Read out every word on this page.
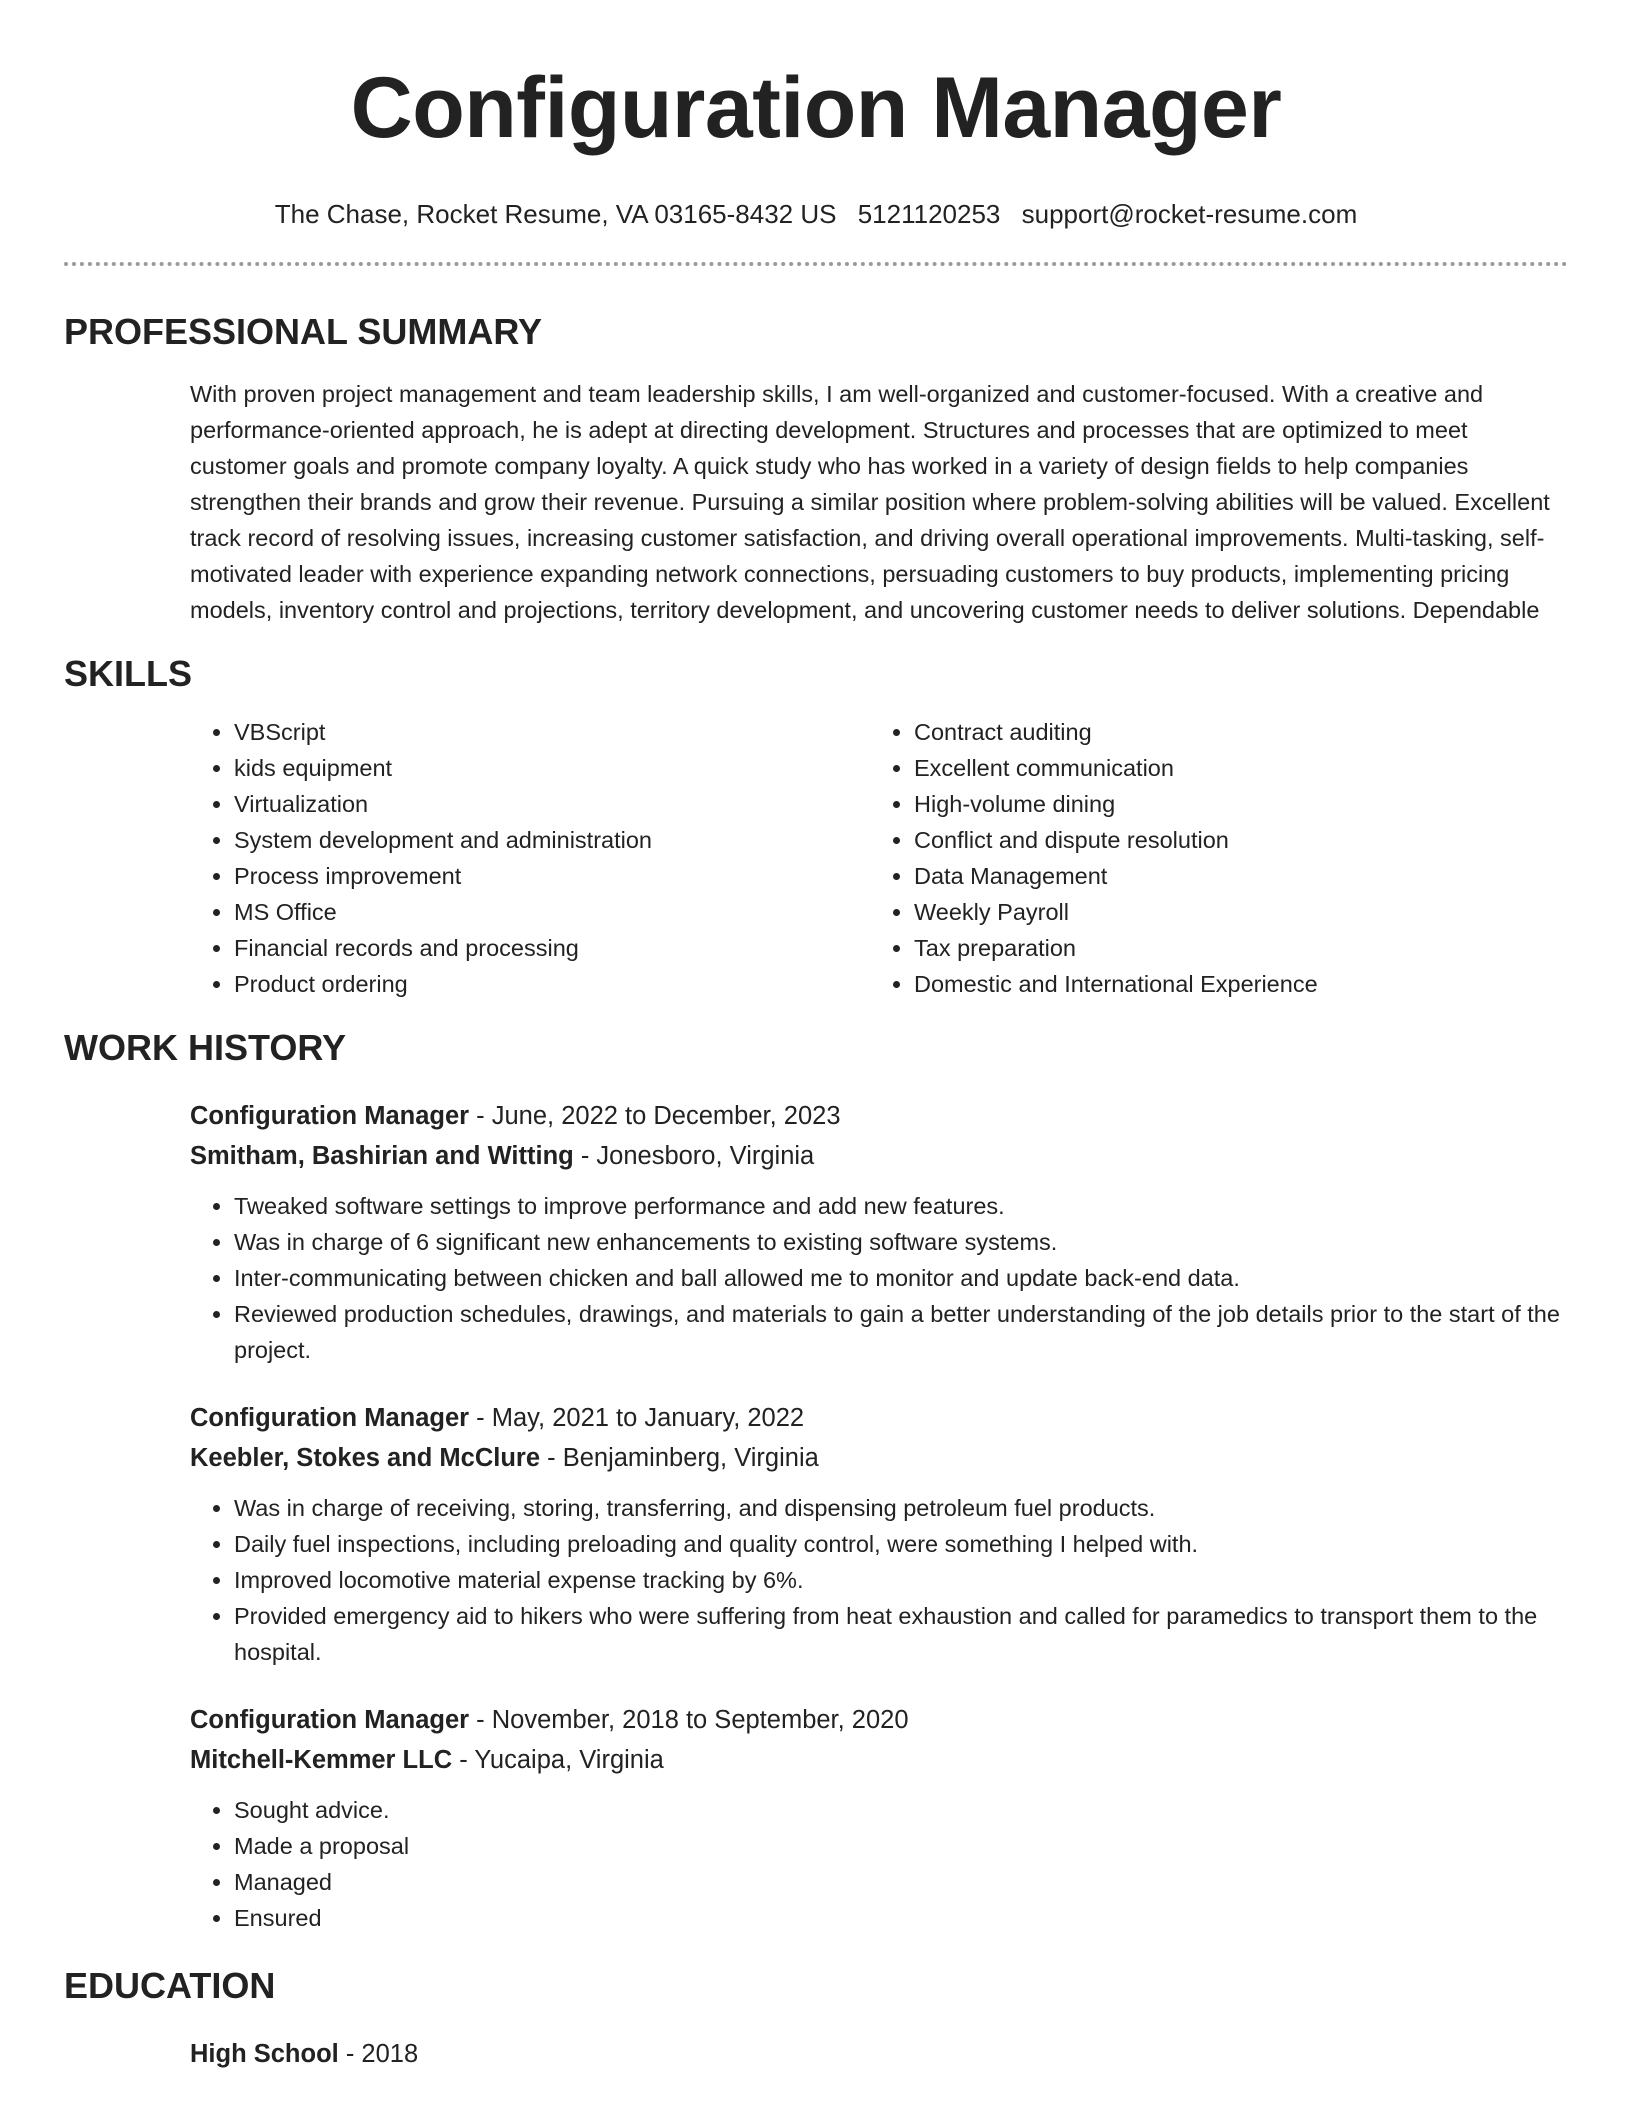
Configuration Manager
The Chase, Rocket Resume, VA 03165-8432 US 5121120253 support@rocket-resume.com
PROFESSIONAL SUMMARY

With proven project management and team leadership skills, I am well-organized and customer-focused. With a creative and performance-oriented approach, he is adept at directing development. Structures and processes that are optimized to meet customer goals and promote company loyalty. A quick study who has worked in a variety of design fields to help companies strengthen their brands and grow their revenue. Pursuing a similar position where problem-solving abilities will be valued. Excellent track record of resolving issues, increasing customer satisfaction, and driving overall operational improvements. Multi-tasking, self-motivated leader with experience expanding network connections, persuading customers to buy products, implementing pricing models, inventory control and projections, territory development, and uncovering customer needs to deliver solutions. Dependable

SKILLS
• VBScript
• kids equipment
• Virtualization
• System development and administration
• Process improvement
• MS Office
• Financial records and processing
• Product ordering
• Contract auditing
• Excellent communication
• High-volume dining
• Conflict and dispute resolution
• Data Management
• Weekly Payroll
• Tax preparation
• Domestic and International Experience
WORK HISTORY
Configuration Manager - June, 2022 to December, 2023
Smitham, Bashirian and Witting - Jonesboro, Virginia
• Tweaked software settings to improve performance and add new features.
• Was in charge of 6 significant new enhancements to existing software systems.
• Inter-communicating between chicken and ball allowed me to monitor and update back-end data.
• Reviewed production schedules, drawings, and materials to gain a better understanding of the job details prior to the start of the project.
Configuration Manager - May, 2021 to January, 2022
Keebler, Stokes and McClure - Benjaminberg, Virginia
• Was in charge of receiving, storing, transferring, and dispensing petroleum fuel products.
• Daily fuel inspections, including preloading and quality control, were something I helped with.
• Improved locomotive material expense tracking by 6%.
• Provided emergency aid to hikers who were suffering from heat exhaustion and called for paramedics to transport them to the hospital.
Configuration Manager - November, 2018 to September, 2020
Mitchell-Kemmer LLC - Yucaipa, Virginia
• Sought advice.
• Made a proposal
• Managed
• Ensured
EDUCATION
High School - 2018
